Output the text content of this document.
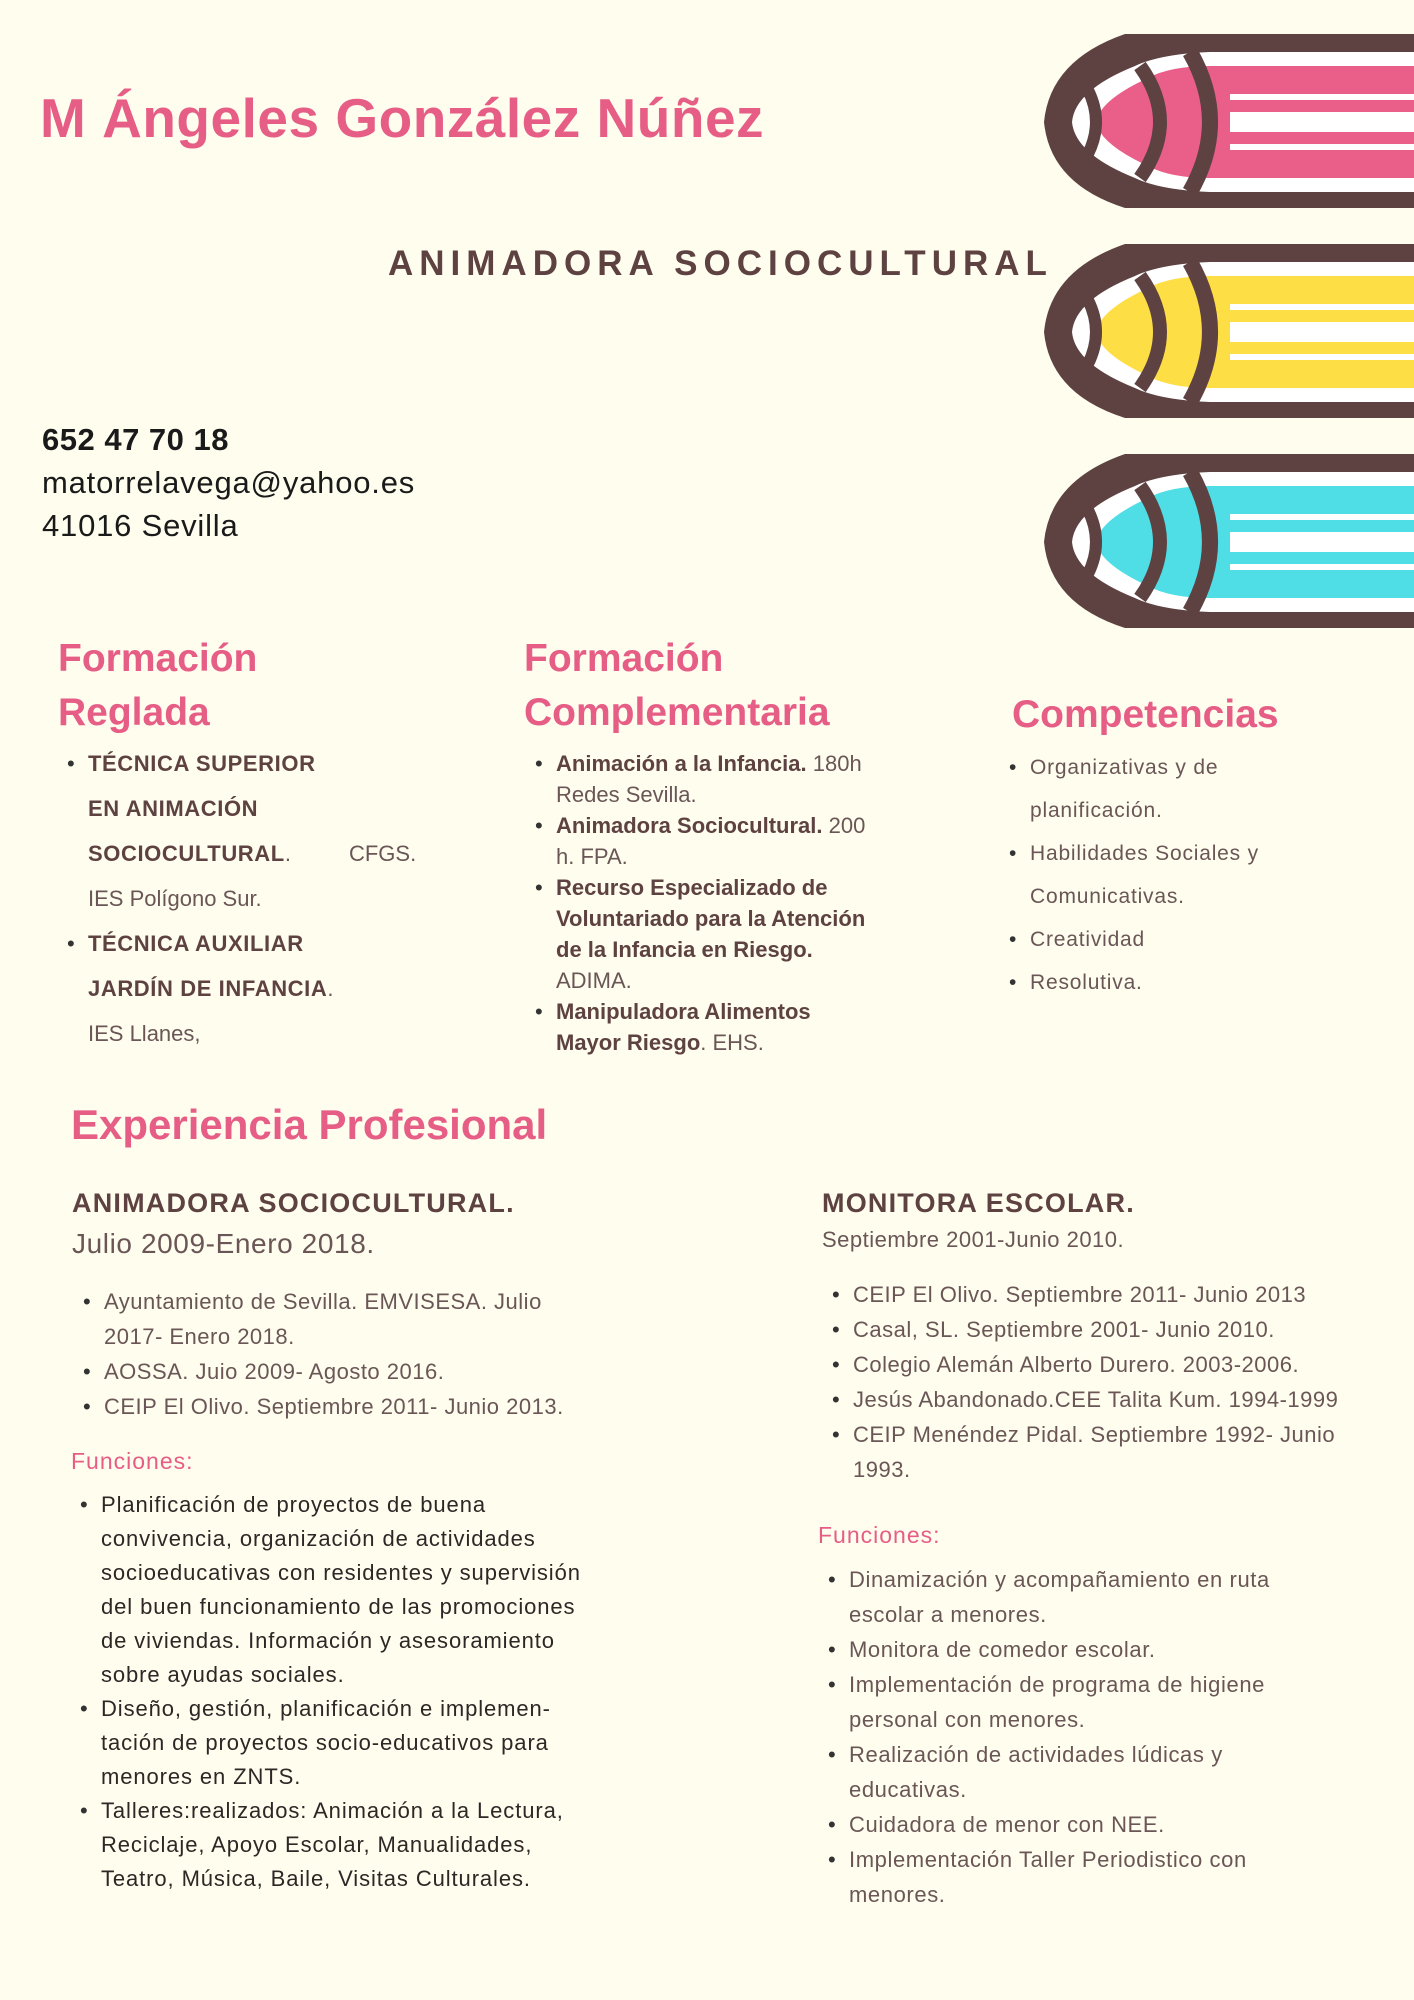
M Ángeles González Núñez
ANIMADORA SOCIOCULTURAL
652 47 70 18
matorrelavega@yahoo.es
41016 Sevilla
Formación
Reglada
• TÉCNICA SUPERIOR
EN ANIMACIÓN
SOCIOCULTURAL.	CFGS.
IES Polígono Sur.
• TÉCNICA AUXILIAR
JARDÍN DE INFANCIA.
IES Llanes,
Formación
Complementaria
• Animación a la Infancia. 180h
Redes Sevilla.
• Animadora Sociocultural. 200
h. FPA.
• Recurso Especializado de
Voluntariado para la Atención
de la Infancia en Riesgo.
ADIMA.
• Manipuladora Alimentos
Mayor Riesgo. EHS.
Competencias
• Organizativas y de
planificación.
• Habilidades Sociales y
Comunicativas.
• Creatividad
• Resolutiva.
Experiencia Profesional
ANIMADORA SOCIOCULTURAL.
Julio 2009-Enero 2018.
• Ayuntamiento de Sevilla. EMVISESA. Julio
2017- Enero 2018.
• AOSSA. Juio 2009- Agosto 2016.
• CEIP El Olivo. Septiembre 2011- Junio 2013.
Funciones:
• Planificación de proyectos de buena
convivencia, organización de actividades
socioeducativas con residentes y supervisión
del buen funcionamiento de las promociones
de viviendas. Información y asesoramiento
sobre ayudas sociales.
• Diseño, gestión, planificación e implemen-
tación de proyectos socio-educativos para
menores en ZNTS.
• Talleres:realizados: Animación a la Lectura,
Reciclaje, Apoyo Escolar, Manualidades,
Teatro, Música, Baile, Visitas Culturales.
MONITORA ESCOLAR.
Septiembre 2001-Junio 2010.
• CEIP El Olivo. Septiembre 2011- Junio 2013
• Casal, SL. Septiembre 2001- Junio 2010.
• Colegio Alemán Alberto Durero. 2003-2006.
• Jesús Abandonado.CEE Talita Kum. 1994-1999
• CEIP Menéndez Pidal. Septiembre 1992- Junio
1993.
Funciones:
• Dinamización y acompañamiento en ruta
escolar a menores.
• Monitora de comedor escolar.
• Implementación de programa de higiene
personal con menores.
• Realización de actividades lúdicas y
educativas.
• Cuidadora de menor con NEE.
• Implementación Taller Periodistico con
menores.
